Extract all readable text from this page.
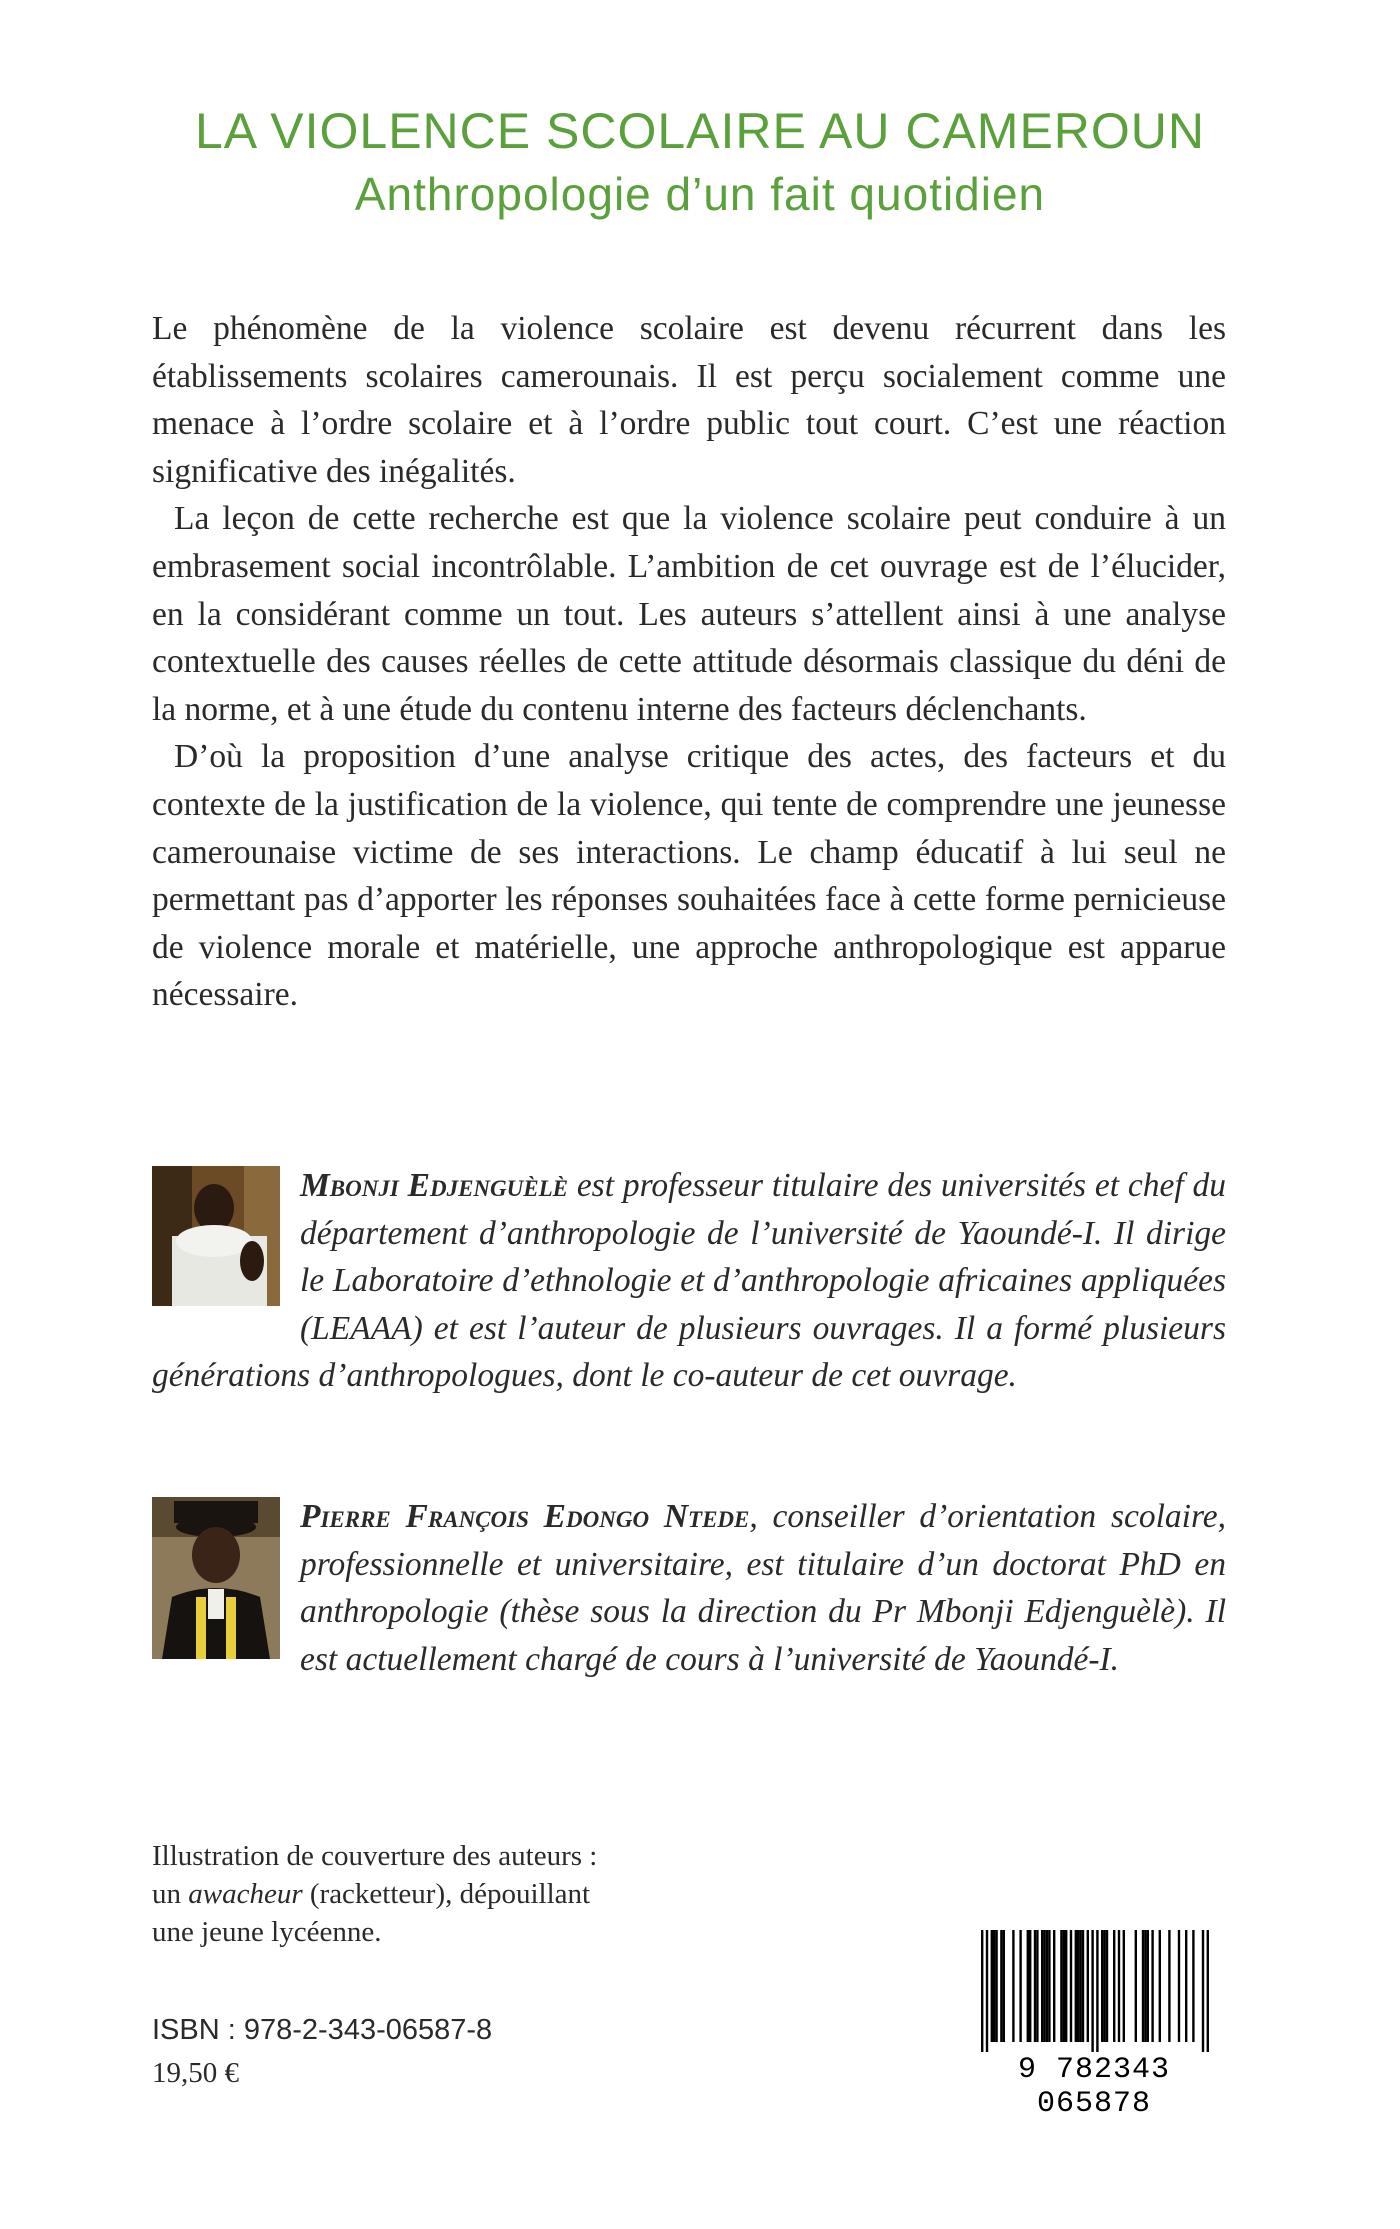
LA VIOLENCE SCOLAIRE AU CAMEROUN
Anthropologie d’un fait quotidien

Le phénomène de la violence scolaire est devenu récurrent dans les établissements scolaires camerounais. Il est perçu socialement comme une menace à l’ordre scolaire et à l’ordre public tout court. C’est une réaction significative des inégalités.

La leçon de cette recherche est que la violence scolaire peut conduire à un embrasement social incontrôlable. L’ambition de cet ouvrage est de l’élucider, en la considérant comme un tout. Les auteurs s’attellent ainsi à une analyse contextuelle des causes réelles de cette attitude désormais classique du déni de la norme, et à une étude du contenu interne des facteurs déclenchants.

D’où la proposition d’une analyse critique des actes, des facteurs et du contexte de la justification de la violence, qui tente de comprendre une jeunesse camerounaise victime de ses interactions. Le champ éducatif à lui seul ne permettant pas d’apporter les réponses souhaitées face à cette forme pernicieuse de violence morale et matérielle, une approche anthropologique est apparue nécessaire.

Mbonji Edjenguèlè est professeur titulaire des universités et chef du département d’anthropologie de l’université de Yaoundé-I. Il dirige le Laboratoire d’ethnologie et d’anthropologie africaines appliquées (LEAAA) et est l’auteur de plusieurs ouvrages. Il a formé plusieurs générations d’anthropologues, dont le co-auteur de cet ouvrage.
Pierre François Edongo Ntede, conseiller d’orientation scolaire, professionnelle et universitaire, est titulaire d’un doctorat PhD en anthropologie (thèse sous la direction du Pr Mbonji Edjenguèlè). Il est actuellement chargé de cours à l’université de Yaoundé-I.
Illustration de couverture des auteurs :
un awacheur (racketteur), dépouillant
une jeune lycéenne.
ISBN : 978-2-343-06587-8
19,50 €	9 782343 065878
